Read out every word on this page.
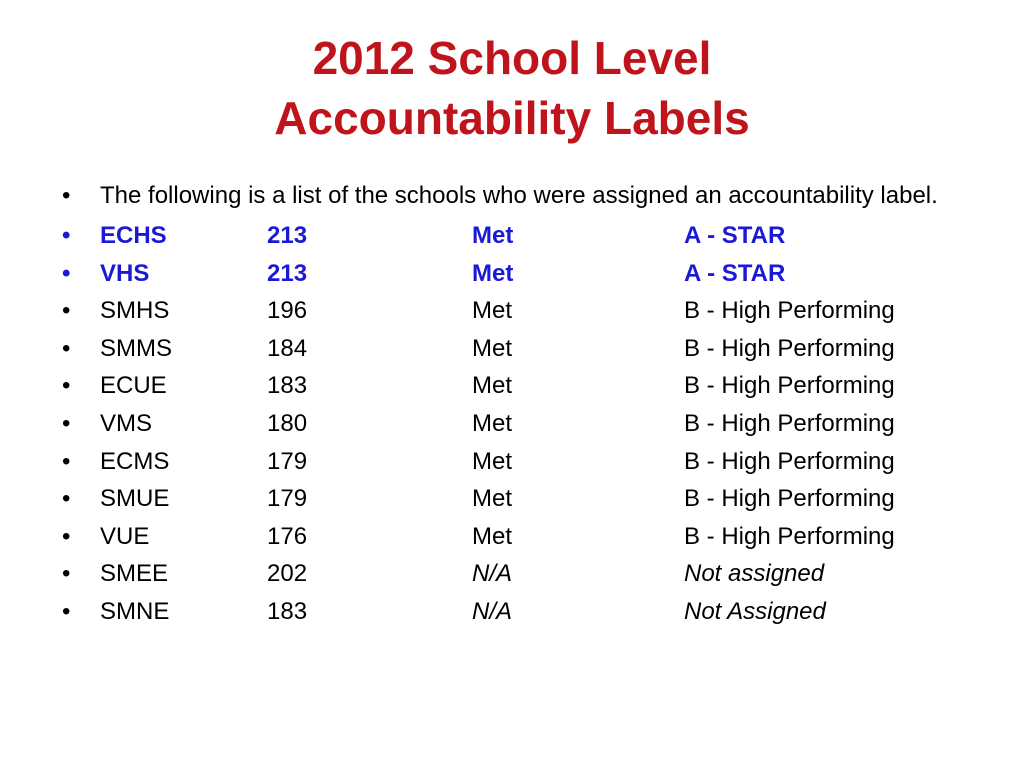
2012 School Level
Accountability Labels
•	The following is a list of the schools who were assigned an accountability label.
•	ECHS	213	Met	A - STAR
•	VHS	213	Met	A - STAR
•	SMHS	196	Met	B - High Performing
•	SMMS	184	Met	B - High Performing
•	ECUE	183	Met	B - High Performing
•	VMS	180	Met	B - High Performing
•	ECMS	179	Met	B - High Performing
•	SMUE	179	Met	B - High Performing
•	VUE	176	Met	B - High Performing
•	SMEE	202	N/A	Not assigned
•	SMNE	183	N/A	Not Assigned
